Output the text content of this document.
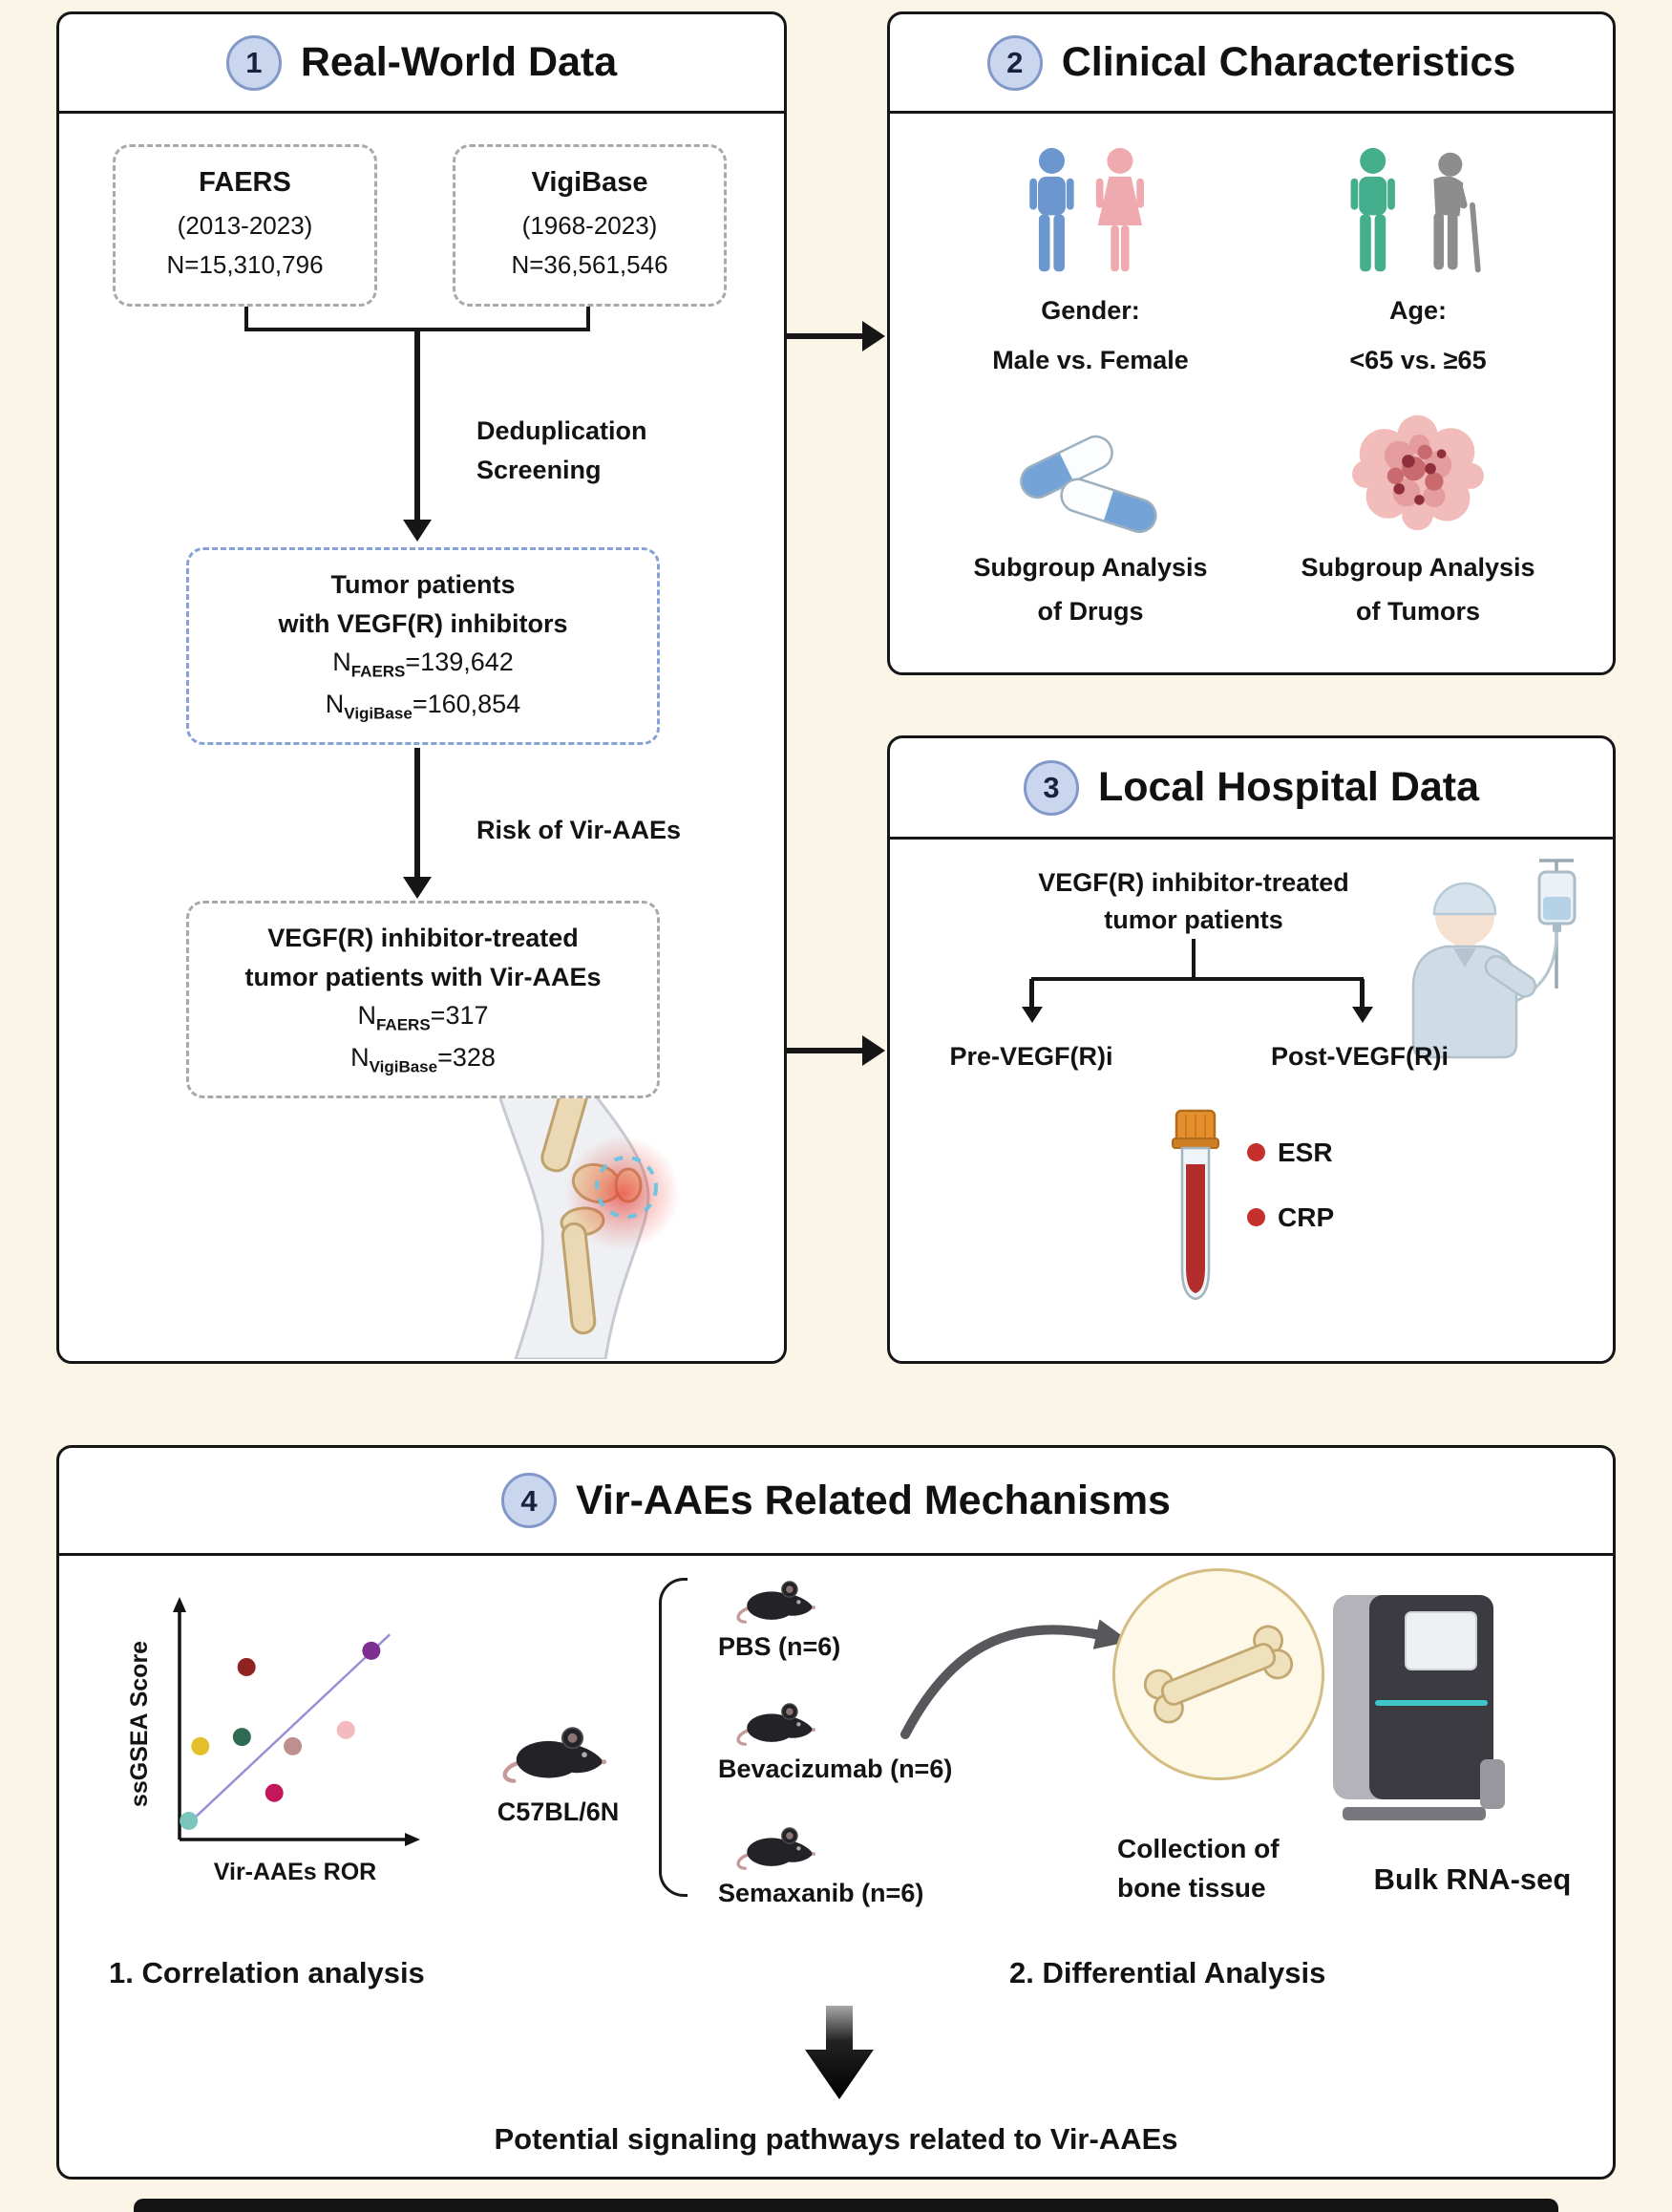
1 Real-World Data
FAERS
(2013-2023)
N=15,310,796
VigiBase
(1968-2023)
N=36,561,546
Deduplication
Screening
Tumor patients
with VEGF(R) inhibitors
$N_{FAERS}=139,642$
$N_{VigiBase}=160,854$
Risk of Vir-AAEs
VEGF(R) inhibitor-treated
tumor patients with Vir-AAEs
$N_{FAERS}=317$
$N_{VigiBase}=328$
2 Clinical Characteristics
Gender:
Male vs. Female
Age:
<65 vs. ≥65
Subgroup Analysis
of Drugs
Subgroup Analysis
of Tumors
3 Local Hospital Data
VEGF(R) inhibitor-treated
tumor patients
Pre-VEGF(R)i	Post-VEGF(R)i
ESR
CRP
4 Vir-AAEs Related Mechanisms
ssGSEA Score
Vir-AAEs ROR
C57BL/6N
PBS (n=6)
Bevacizumab (n=6)
Semaxanib (n=6)
Collection of
bone tissue	Bulk RNA-seq
1. Correlation analysis	2. Differential Analysis
Potential signaling pathways related to Vir-AAEs
